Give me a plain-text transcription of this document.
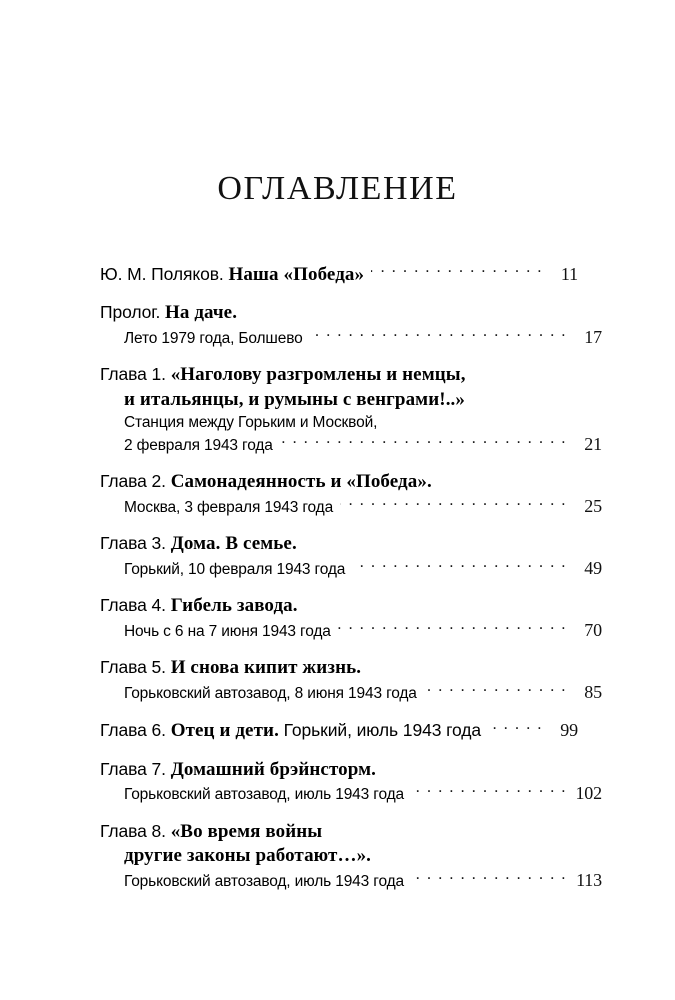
ОГЛАВЛЕНИЕ
Ю. М. Поляков. Наша «Победа» . . .	11
Пролог. На даче.
Лето 1979 года, Болшево . . .	17
Глава 1. «Наголову разгромлены и немцы,
и итальянцы, и румыны с венграми!..»
Станция между Горьким и Москвой,
2 февраля 1943 года . . .	21
Глава 2. Самонадеянность и «Победа».
Москва, 3 февраля 1943 года . . .	25
Глава 3. Дома. В семье.
Горький, 10 февраля 1943 года . . .	49
Глава 4. Гибель завода.
Ночь с 6 на 7 июня 1943 года . . .	70
Глава 5. И снова кипит жизнь.
Горьковский автозавод, 8 июня 1943 года . . .	85
Глава 6. Отец и дети. Горький, июль 1943 года . . .	99
Глава 7. Домашний брэйнсторм.
Горьковский автозавод, июль 1943 года . . .	102
Глава 8. «Во время войны
другие законы работают…».
Горьковский автозавод, июль 1943 года . . .	113
